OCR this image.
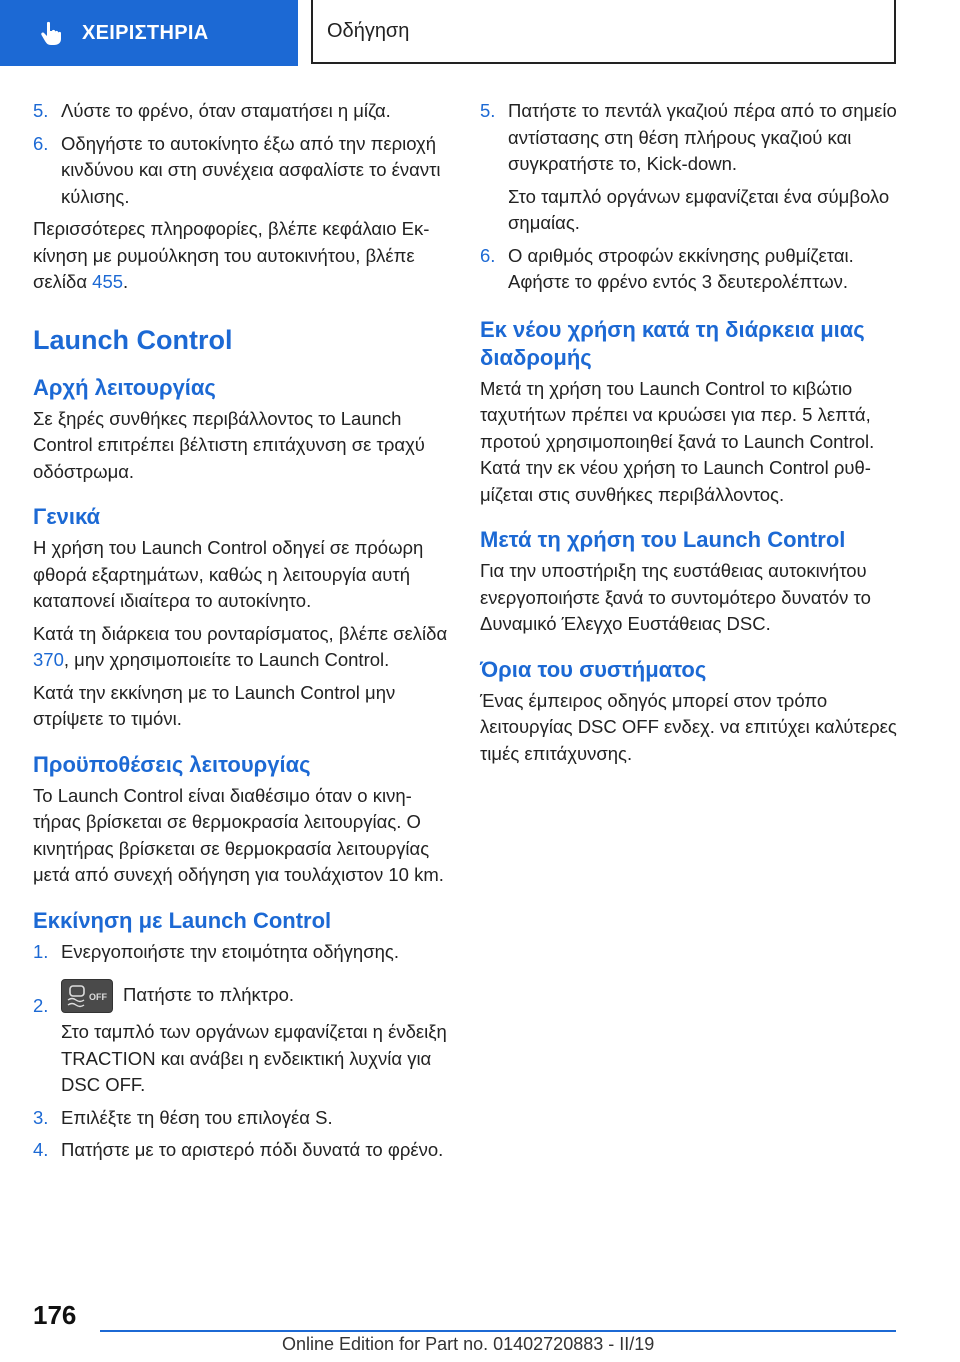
ΧΕΙΡΙΣΤΗΡΙΑ	Οδήγηση
5. Λύστε το φρένο, όταν σταματήσει η μίζα.
6. Οδηγήστε το αυτοκίνητο έξω από την περιοχή κινδύνου και στη συνέχεια ασφαλίστε το έναντι κύλισης.

Περισσότερες πληροφορίες, βλέπε κεφάλαιο Εκκίνηση με ρυμούλκηση του αυτοκινήτου, βλέπε σελίδα 455.

Launch Control
Αρχή λειτουργίας

Σε ξηρές συνθήκες περιβάλλοντος το Launch Control επιτρέπει βέλτιστη επιτάχυνση σε τραχύ οδόστρωμα.

Γενικά

Η χρήση του Launch Control οδηγεί σε πρόωρη φθορά εξαρτημάτων, καθώς η λειτουργία αυτή καταπονεί ιδιαίτερα το αυτοκίνητο.

Κατά τη διάρκεια του ρονταρίσματος, βλέπε σελίδα 370, μην χρησιμοποιείτε το Launch Control.

Κατά την εκκίνηση με το Launch Control μην στρίψετε το τιμόνι.

Προϋποθέσεις λειτουργίας

Το Launch Control είναι διαθέσιμο όταν ο κινητήρας βρίσκεται σε θερμοκρασία λειτουργίας. Ο κινητήρας βρίσκεται σε θερμοκρασία λειτουργίας μετά από συνεχή οδήγηση για τουλάχιστον 10 km.

Εκκίνηση με Launch Control
1. Ενεργοποιήστε την ετοιμότητα οδήγησης.
2.	OFF Πατήστε το πλήκτρο.

Στο ταμπλό των οργάνων εμφανίζεται η ένδειξη TRACTION και ανάβει η ενδεικτική λυχνία για DSC OFF.

3. Επιλέξτε τη θέση του επιλογέα S.
4. Πατήστε με το αριστερό πόδι δυνατά το φρένο.
5. Πατήστε το πεντάλ γκαζιού πέρα από το σημείο αντίστασης στη θέση πλήρους γκαζιού και συγκρατήστε το, Kick-down.

Στο ταμπλό οργάνων εμφανίζεται ένα σύμβολο σημαίας.

6. Ο αριθμός στροφών εκκίνησης ρυθμίζεται.

Αφήστε το φρένο εντός 3 δευτερολέπτων.

Εκ νέου χρήση κατά τη διάρκεια μιας διαδρομής

Μετά τη χρήση του Launch Control το κιβώτιο ταχυτήτων πρέπει να κρυώσει για περ. 5 λεπτά, προτού χρησιμοποιηθεί ξανά το Launch Control. Κατά την εκ νέου χρήση το Launch Control ρυθμίζεται στις συνθήκες περιβάλλοντος.

Μετά τη χρήση του Launch Control

Για την υποστήριξη της ευστάθειας αυτοκινήτου ενεργοποιήστε ξανά το συντομότερο δυνατόν το Δυναμικό Έλεγχο Ευστάθειας DSC.

Όρια του συστήματος

Ένας έμπειρος οδηγός μπορεί στον τρόπο λειτουργίας DSC OFF ενδεχ. να επιτύχει καλύτερες τιμές επιτάχυνσης.

176
Online Edition for Part no. 01402720883 - II/19
